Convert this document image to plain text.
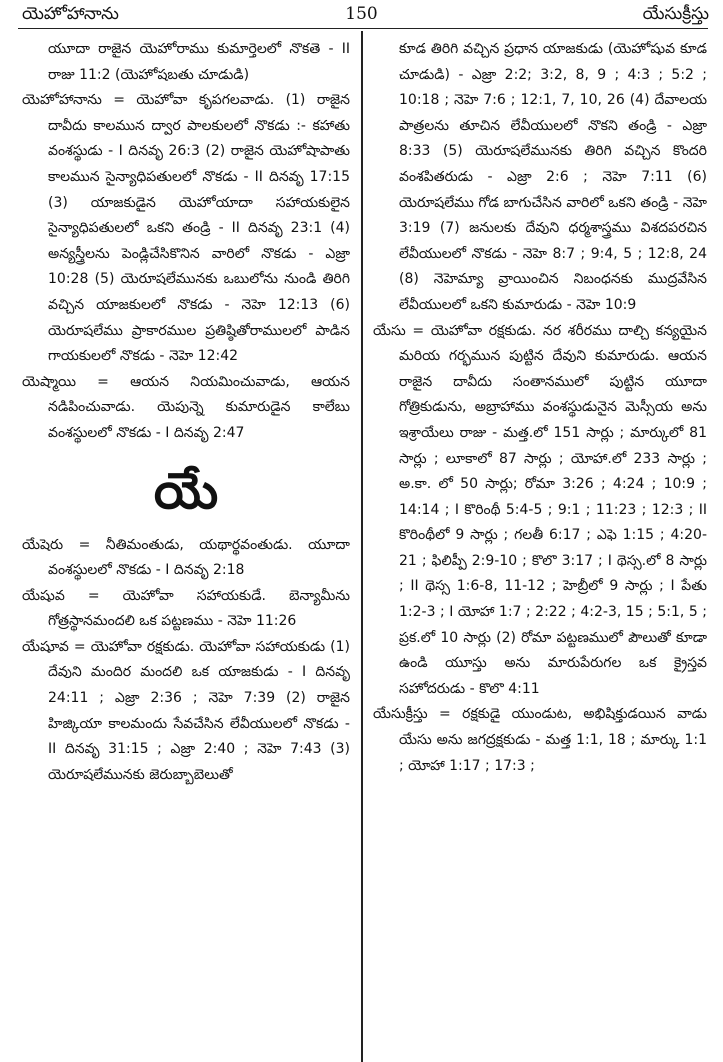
యెహోహానాను	150	యేసుక్రీస్తు

యూదా రాజైన యెహోరాము కుమార్తెలలో నొకతె - II రాజు 11:2 (యెహోషబతు చూడుడి)

యెహోహానాను = యెహోవా కృపగలవాడు. (1) రాజైన దావీదు కాలమున ద్వార పాలకులలో నొకడు :- కహాతు వంశస్థుడు - I దినవృ 26:3 (2) రాజైన యెహోషాపాతు కాలమున సైన్యాధిపతులలో నొకడు - II దినవృ 17:15 (3) యాజకుడైన యెహోయాదా సహాయకులైన సైన్యాధిపతులలో ఒకని తండ్రి - II దినవృ 23:1 (4) అన్యస్త్రీలను పెండ్లిచేసికొనిన వారిలో నొకడు - ఎజ్రా 10:28 (5) యెరూషలేమునకు ఒబులోను నుండి తిరిగి వచ్చిన యాజకులలో నొకడు - నెహె 12:13 (6) యెరూషలేము ప్రాకారముల ప్రతిష్ఠితోరాములలో పాడిన గాయకులలో నొకడు - నెహె 12:42

యెష్మాయి = ఆయన నియమించువాడు, ఆయన నడిపించువాడు. యెపున్నె కుమారుడైన కాలేబు వంశస్థులలో నొకడు - I దినవృ 2:47

యే

యేషెరు = నీతిమంతుడు, యథార్థవంతుడు. యూదా వంశస్థులలో నొకడు - I దినవృ 2:18

యేషువ = యెహోవా సహాయకుడే. బెన్యామీను గోత్రస్థానమందలి ఒక పట్టణము - నెహె 11:26

యేషూవ = యెహోవా రక్షకుడు. యెహోవా సహాయకుడు (1) దేవుని మందిర మందలి ఒక యాజకుడు - I దినవృ 24:11 ; ఎజ్రా 2:36 ; నెహె 7:39 (2) రాజైన హిజ్కియా కాలమందు సేవచేసిన లేవీయులలో నొకడు - II దినవృ 31:15 ; ఎజ్రా 2:40 ; నెహె 7:43 (3) యెరూషలేమునకు జెరుబ్బాబెలుతో

కూడ తిరిగి వచ్చిన ప్రధాన యాజకుడు (యెహోషువ కూడ చూడుడి) - ఎజ్రా 2:2; 3:2, 8, 9 ; 4:3 ; 5:2 ; 10:18 ; నెహె 7:6 ; 12:1, 7, 10, 26 (4) దేవాలయ పాత్రలను తూచిన లేవీయులలో నొకని తండ్రి - ఎజ్రా 8:33 (5) యెరూషలేమునకు తిరిగి వచ్చిన కొందరి వంశపితరుడు - ఎజ్రా 2:6 ; నెహె 7:11 (6) యెరూషలేము గోడ బాగుచేసిన వారిలో ఒకని తండ్రి - నెహె 3:19 (7) జనులకు దేవుని ధర్మశాస్త్రము విశదపరచిన లేవీయులలో నొకడు - నెహె 8:7 ; 9:4, 5 ; 12:8, 24 (8) నెహెమ్యా వ్రాయించిన నిబంధనకు ముద్రవేసిన లేవీయులలో ఒకని కుమారుడు - నెహె 10:9

యేసు = యెహోవా రక్షకుడు. నర శరీరము దాల్చి కన్యయైన మరియ గర్భమున పుట్టిన దేవుని కుమారుడు. ఆయన రాజైన దావీదు సంతానములో పుట్టిన యూదా గోత్రికుడును, అబ్రాహాము వంశస్థుడునైన మెస్సీయ అను ఇశ్రాయేలు రాజు - మత్త.లో 151 సార్లు ; మార్కులో 81 సార్లు ; లూకాలో 87 సార్లు ; యోహా.లో 233 సార్లు ; అ.కా. లో 50 సార్లు; రోమా 3:26 ; 4:24 ; 10:9 ; 14:14 ; I కొరింథీ 5:4-5 ; 9:1 ; 11:23 ; 12:3 ; II కొరింథీలో 9 సార్లు ; గలతీ 6:17 ; ఎఫె 1:15 ; 4:20-21 ; ఫిలిప్పీ 2:9-10 ; కొలొ 3:17 ; I థెస్స.లో 8 సార్లు ; II థెస్స 1:6-8, 11-12 ; హెబ్రీలో 9 సార్లు ; I పేతు 1:2-3 ; I యోహా 1:7 ; 2:22 ; 4:2-3, 15 ; 5:1, 5 ; ప్రక.లో 10 సార్లు (2) రోమా పట్టణములో పౌలుతో కూడా ఉండి యూస్తు అను మారుపేరుగల ఒక క్రైస్తవ సహోదరుడు - కొలొ 4:11

యేసుక్రీస్తు = రక్షకుడై యుండుట, అభిషిక్తుడయిన వాడు యేసు అను జగద్రక్షకుడు - మత్త 1:1, 18 ; మార్కు 1:1 ; యోహా 1:17 ; 17:3 ;
